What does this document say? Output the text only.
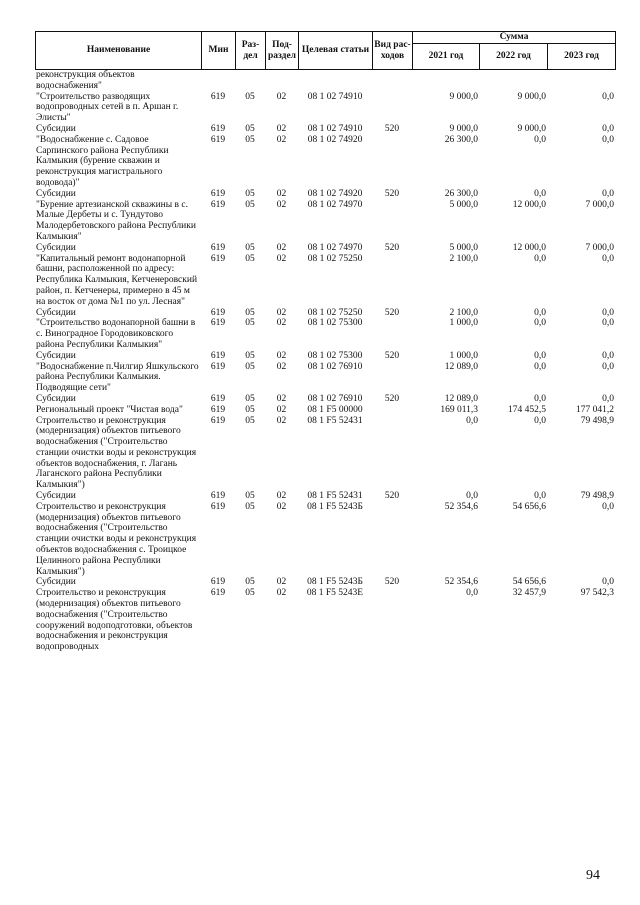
Наименование	Мин	Раз-дел	Под-раздел	Целевая статьи	Вид рас-ходов	Сумма		
						2021 год	2022 год	2023 год
реконструкция объектов водоснабжения"								
"Строительство разводящих водопроводных сетей в п. Аршан г. Элисты"	619	05	02	08 1 02 74910		9 000,0	9 000,0	0,0
Субсидии	619	05	02	08 1 02 74910	520	9 000,0	9 000,0	0,0
"Водоснабжение с. Садовое Сарпинского района Республики Калмыкия (бурение скважин и реконструкция магистрального водовода)"	619	05	02	08 1 02 74920		26 300,0	0,0	0,0
Субсидии	619	05	02	08 1 02 74920	520	26 300,0	0,0	0,0
"Бурение артезианской скважины в с. Малые Дербеты и с. Тундутово Малодербетовского района Республики Калмыкия"	619	05	02	08 1 02 74970		5 000,0	12 000,0	7 000,0
Субсидии	619	05	02	08 1 02 74970	520	5 000,0	12 000,0	7 000,0
"Капитальный ремонт водонапорной башни, расположенной по адресу: Республика Калмыкия, Кетченеровский район, п. Кетченеры, примерно в 45 м на восток от дома №1 по ул. Лесная"	619	05	02	08 1 02 75250		2 100,0	0,0	0,0
Субсидии	619	05	02	08 1 02 75250	520	2 100,0	0,0	0,0
"Строительство водонапорной башни в с. Виноградное Городовиковского района Республики Калмыкия"	619	05	02	08 1 02 75300		1 000,0	0,0	0,0
Субсидии	619	05	02	08 1 02 75300	520	1 000,0	0,0	0,0
"Водоснабжение п.Чилгир Яшкульского района Республики Калмыкия. Подводящие сети"	619	05	02	08 1 02 76910		12 089,0	0,0	0,0
Субсидии	619	05	02	08 1 02 76910	520	12 089,0	0,0	0,0
Региональный проект "Чистая вода"	619	05	02	08 1 F5 00000		169 011,3	174 452,5	177 041,2
Строительство и реконструкция (модернизация) объектов питьевого водоснабжения ("Строительство станции очистки воды и реконструкция объектов водоснабжения, г. Лагань Лаганского района Республики Калмыкия")	619	05	02	08 1 F5 52431		0,0	0,0	79 498,9
Субсидии	619	05	02	08 1 F5 52431	520	0,0	0,0	79 498,9
Строительство и реконструкция (модернизация) объектов питьевого водоснабжения ("Строительство станции очистки воды и реконструкция объектов водоснабжения с. Троицкое Целинного района Республики Калмыкия")	619	05	02	08 1 F5 5243Б		52 354,6	54 656,6	0,0
Субсидии	619	05	02	08 1 F5 5243Б	520	52 354,6	54 656,6	0,0
Строительство и реконструкция (модернизация) объектов питьевого водоснабжения ("Строительство сооружений водоподготовки, объектов водоснабжения и реконструкция водопроводных	619	05	02	08 1 F5 5243Е		0,0	32 457,9	97 542,3
94
